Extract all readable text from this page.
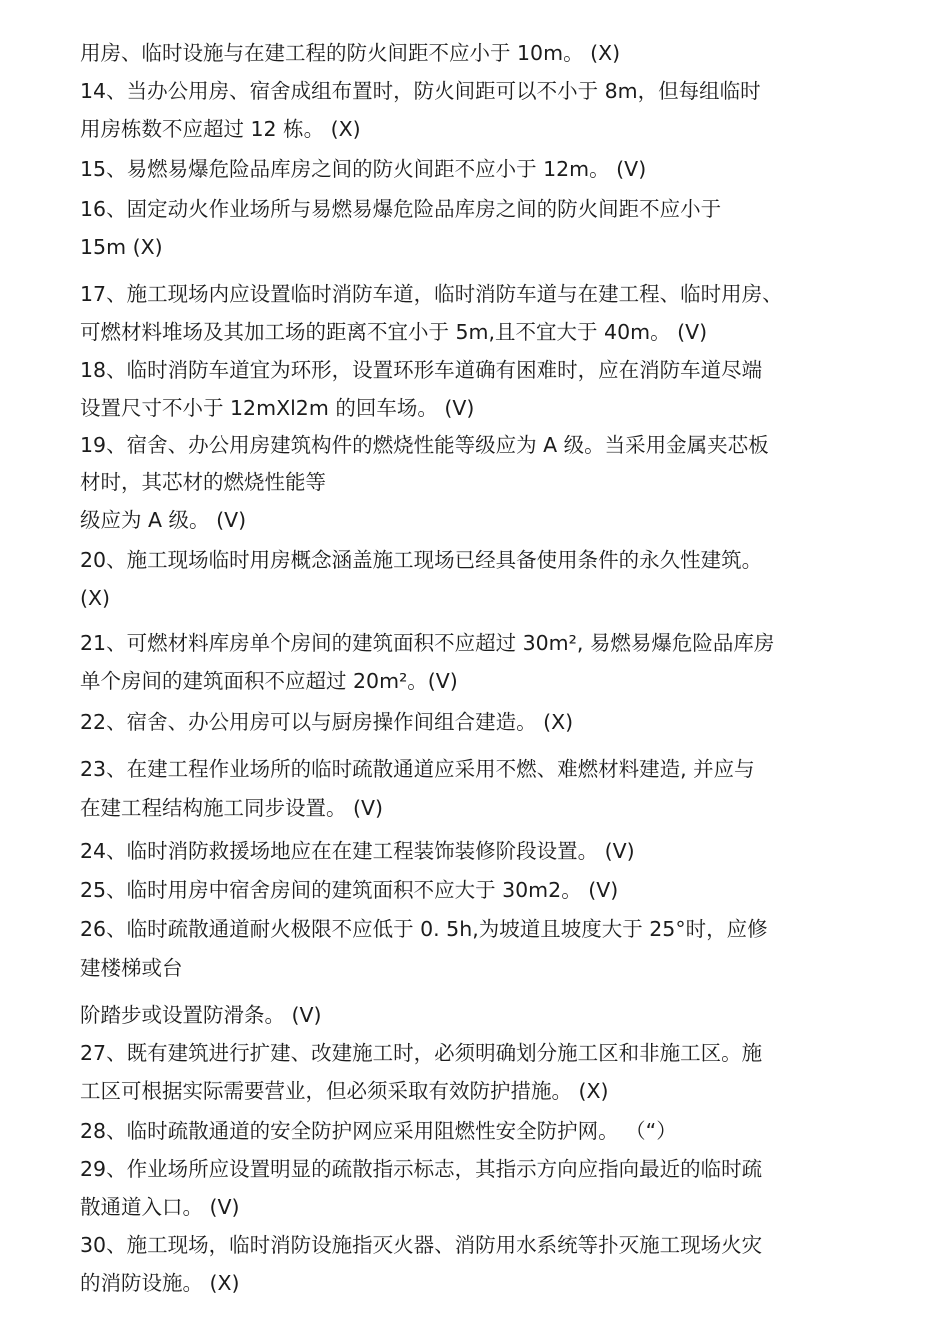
用房、临时设施与在建工程的防火间距不应小于 10m。 (X)

14、当办公用房、宿舍成组布置时，防火间距可以不小于 8m，但每组临时

用房栋数不应超过 12 栋。 (X)

15、易燃易爆危险品库房之间的防火间距不应小于 12m。 (V)

16、固定动火作业场所与易燃易爆危险品库房之间的防火间距不应小于

15m (X)

17、施工现场内应设置临时消防车道，临时消防车道与在建工程、临时用房、

可燃材料堆场及其加工场的距离不宜小于 5m,且不宜大于 40m。 (V)

18、临时消防车道宜为环形，设置环形车道确有困难时，应在消防车道尽端

设置尺寸不小于 12mXl2m 的回车场。 (V)

19、宿舍、办公用房建筑构件的燃烧性能等级应为 A 级。当采用金属夹芯板

材时，其芯材的燃烧性能等

级应为 A 级。 (V)

20、施工现场临时用房概念涵盖施工现场已经具备使用条件的永久性建筑。

(X)

21、可燃材料库房单个房间的建筑面积不应超过 30m², 易燃易爆危险品库房

单个房间的建筑面积不应超过 20m²。(V)

22、宿舍、办公用房可以与厨房操作间组合建造。 (X)

23、在建工程作业场所的临时疏散通道应采用不燃、难燃材料建造, 并应与

在建工程结构施工同步设置。 (V)

24、临时消防救援场地应在在建工程装饰装修阶段设置。 (V)

25、临时用房中宿舍房间的建筑面积不应大于 30m2。 (V)

26、临时疏散通道耐火极限不应低于 0. 5h,为坡道且坡度大于 25°时，应修

建楼梯或台

阶踏步或设置防滑条。 (V)

27、既有建筑进行扩建、改建施工时，必须明确划分施工区和非施工区。施

工区可根据实际需要营业，但必须采取有效防护措施。 (X)

28、临时疏散通道的安全防护网应采用阻燃性安全防护网。 （“）

29、作业场所应设置明显的疏散指示标志，其指示方向应指向最近的临时疏

散通道入口。 (V)

30、施工现场，临时消防设施指灭火器、消防用水系统等扑灭施工现场火灾

的消防设施。 (X)
